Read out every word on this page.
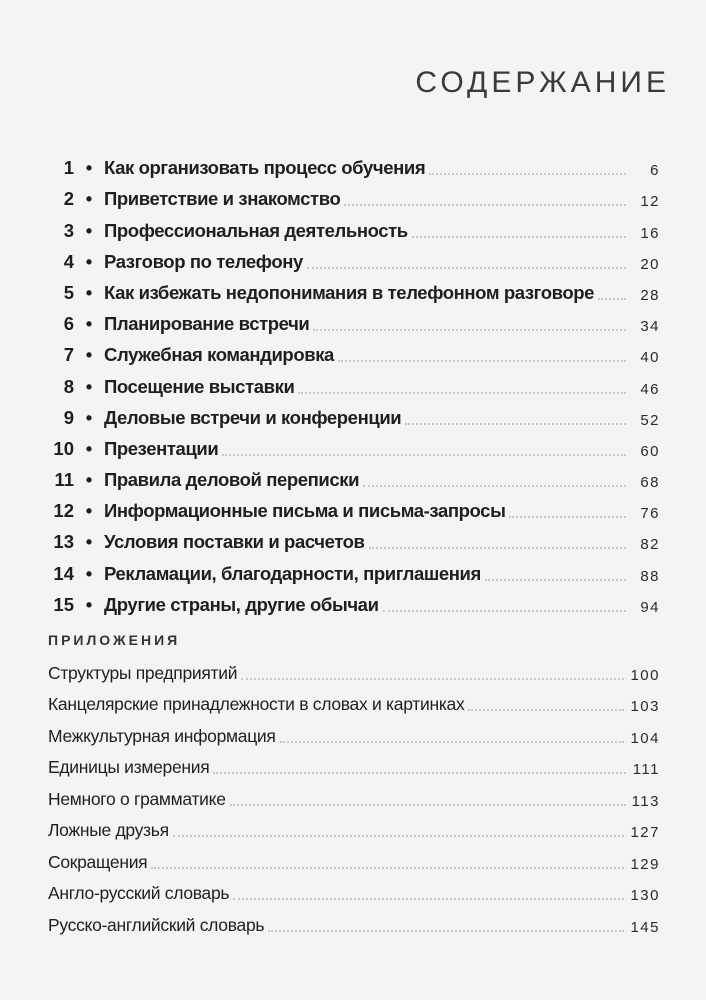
СОДЕРЖАНИЕ
1 • Как организовать процесс обучения	6
2 • Приветствие и знакомство	12
3 • Профессиональная деятельность	16
4 • Разговор по телефону	20
5 • Как избежать недопонимания в телефонном разговоре	28
6 • Планирование встречи	34
7 • Служебная командировка	40
8 • Посещение выставки	46
9 • Деловые встречи и конференции	52
10 • Презентации	60
11 • Правила деловой переписки	68
12 • Информационные письма и письма-запросы	76
13 • Условия поставки и расчетов	82
14 • Рекламации, благодарности, приглашения	88
15 • Другие страны, другие обычаи	94
ПРИЛОЖЕНИЯ
Структуры предприятий	100
Канцелярские принадлежности в словах и картинках	103
Межкультурная информация	104
Единицы измерения	111
Немного о грамматике	113
Ложные друзья	127
Сокращения	129
Англо-русский словарь	130
Русско-английский словарь	145
